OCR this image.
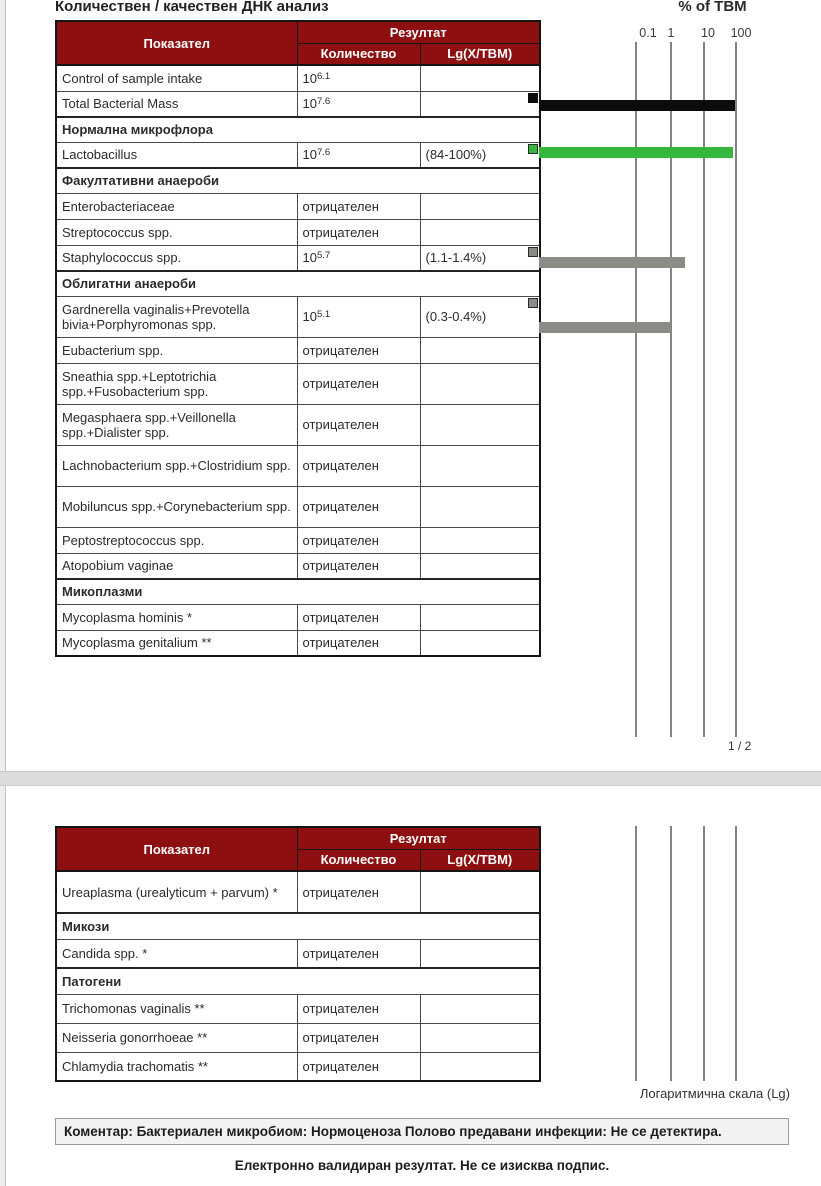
Количествен / качествен ДНК анализ	% of TBM
0.1 1	10	100
Показател	Резултат	
	Количество	Lg(X/TBM)
Control of sample intake	$10^{6.1}$	
Total Bacterial Mass	$10^{7.6}$	

Нормална микрофлора		
Lactobacillus	$10^{7.6}$	(84-100%)

Факултативни анаероби		
Enterobacteriaceae	отрицателен	
Streptococcus spp.	отрицателен	
Staphylococcus spp.	$10^{5.7}$	(1.1-1.4%)

Облигатни анаероби		
Gardnerella vaginalis+Prevotella bivia+Porphyromonas spp.	$10^{5.1}$	(0.3-0.4%)

Eubacterium spp.	отрицателен	
Sneathia spp.+Leptotrichia spp.+Fusobacterium spp.	отрицателен	
Megasphaera spp.+Veillonella spp.+Dialister spp.	отрицателен	
Lachnobacterium spp.+Clostridium spp.	отрицателен	
Mobiluncus spp.+Corynebacterium spp.	отрицателен	
Peptostreptococcus spp.	отрицателен	
Atopobium vaginae	отрицателен	
Микоплазми		
Mycoplasma hominis *	отрицателен	
Mycoplasma genitalium **	отрицателен	
1 / 2
Показател	Резултат	
	Количество	Lg(X/TBM)
Ureaplasma (urealyticum + parvum) *	отрицателен	
Микози		
Candida spp. *	отрицателен	
Патогени		
Trichomonas vaginalis **	отрицателен	
Neisseria gonorrhoeae **	отрицателен	
Chlamydia trachomatis **	отрицателен	
Логаритмична скала (Lg)
Коментар: Бактериален микробиом: Нормоценоза Полово предавани инфекции: Не се детектира.
Електронно валидиран резултат. Не се изисква подпис.
